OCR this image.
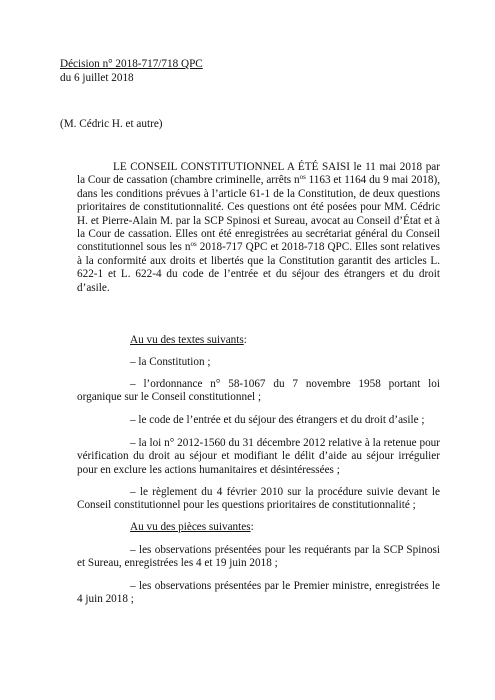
Décision n° 2018-717/718 QPC
du 6 juillet 2018
(M. Cédric H. et autre)
LE CONSEIL CONSTITUTIONNEL A ÉTÉ SAISI le 11 mai 2018 par la Cour de cassation (chambre criminelle, arrêts $n^{os}$ 1163 et 1164 du 9 mai 2018), dans les conditions prévues à l’article 61-1 de la Constitution, de deux questions prioritaires de constitutionnalité. Ces questions ont été posées pour MM. Cédric H. et Pierre-Alain M. par la SCP Spinosi et Sureau, avocat au Conseil d’État et à la Cour de cassation. Elles ont été enregistrées au secrétariat général du Conseil constitutionnel sous les $n^{os}$ 2018-717 QPC et 2018-718 QPC. Elles sont relatives à la conformité aux droits et libertés que la Constitution garantit des articles L. 622-1 et L. 622-4 du code de l’entrée et du séjour des étrangers et du droit d’asile.
Au vu des textes suivants:
– la Constitution ;
– l’ordonnance n° 58-1067 du 7 novembre 1958 portant loi organique sur le Conseil constitutionnel ;
– le code de l’entrée et du séjour des étrangers et du droit d’asile ;
– la loi n° 2012-1560 du 31 décembre 2012 relative à la retenue pour vérification du droit au séjour et modifiant le délit d’aide au séjour irrégulier pour en exclure les actions humanitaires et désintéressées ;
– le règlement du 4 février 2010 sur la procédure suivie devant le Conseil constitutionnel pour les questions prioritaires de constitutionnalité ;
Au vu des pièces suivantes:
– les observations présentées pour les requérants par la SCP Spinosi et Sureau, enregistrées les 4 et 19 juin 2018 ;
– les observations présentées par le Premier ministre, enregistrées le 4 juin 2018 ;
